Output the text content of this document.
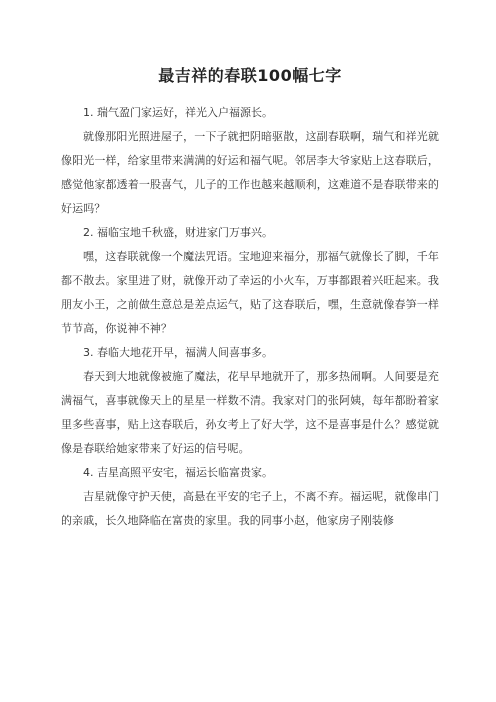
最吉祥的春联100幅七字

1. 瑞气盈门家运好，祥光入户福源长。

就像那阳光照进屋子，一下子就把阴暗驱散，这副春联啊，瑞气和祥光就像阳光一样，给家里带来满满的好运和福气呢。邻居李大爷家贴上这春联后，感觉他家都透着一股喜气，儿子的工作也越来越顺利，这难道不是春联带来的好运吗？

2. 福临宝地千秋盛，财进家门万事兴。

嘿，这春联就像一个魔法咒语。宝地迎来福分，那福气就像长了脚，千年都不散去。家里进了财，就像开动了幸运的小火车，万事都跟着兴旺起来。我朋友小王，之前做生意总是差点运气，贴了这春联后，嘿，生意就像春笋一样节节高，你说神不神？

3. 春临大地花开早，福满人间喜事多。

春天到大地就像被施了魔法，花早早地就开了，那多热闹啊。人间要是充满福气，喜事就像天上的星星一样数不清。我家对门的张阿姨，每年都盼着家里多些喜事，贴上这春联后，孙女考上了好大学，这不是喜事是什么？感觉就像是春联给她家带来了好运的信号呢。

4. 吉星高照平安宅，福运长临富贵家。

吉星就像守护天使，高悬在平安的宅子上，不离不弃。福运呢，就像串门的亲戚，长久地降临在富贵的家里。我的同事小赵，他家房子刚装修
